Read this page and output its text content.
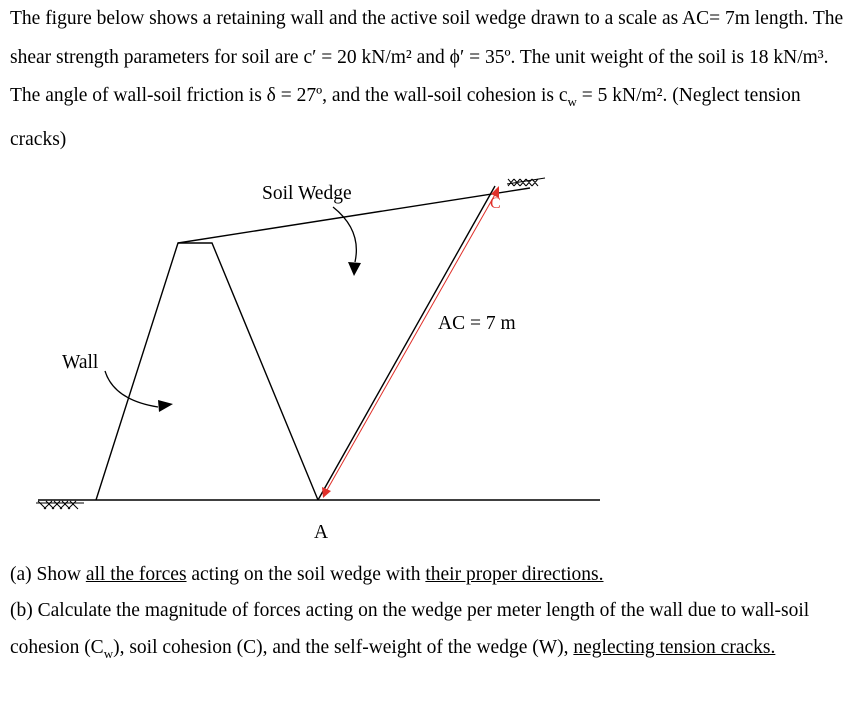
The figure below shows a retaining wall and the active soil wedge drawn to a scale as AC= 7m length. The shear strength parameters for soil are c′ = 20 kN/m² and ϕ′ = 35º. The unit weight of the soil is 18 kN/m³. The angle of wall-soil friction is δ = 27º, and the wall-soil cohesion is $c_w = 5$ kN/m². (Neglect tension cracks)

Soil Wedge
Wall
AC = 7 m
A
C

(a) Show all the forces acting on the soil wedge with their proper directions.

(b) Calculate the magnitude of forces acting on the wedge per meter length of the wall due to wall-soil cohesion $(C_w)$, soil cohesion (C), and the self-weight of the wedge (W), neglecting tension cracks.
